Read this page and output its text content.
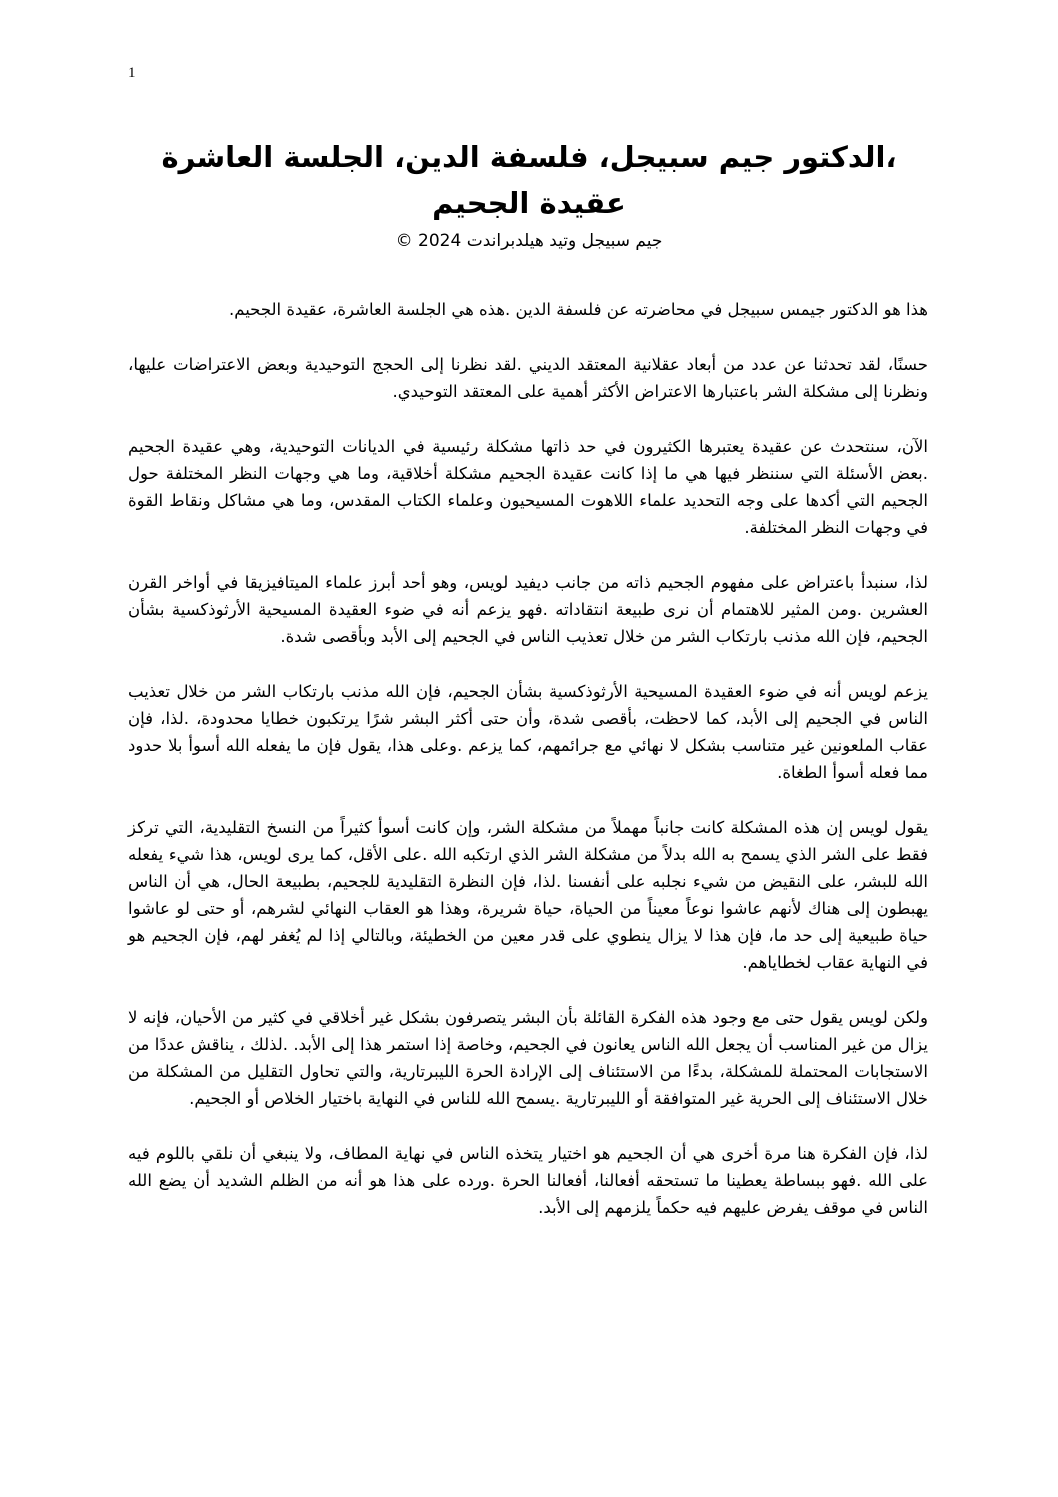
1

،الدكتور جيم سبيجل، فلسفة الدين، الجلسة العاشرة

عقيدة الجحيم

جيم سبيجل وتيد هيلدبراندت 2024 ©

هذا هو الدكتور جيمس سبيجل في محاضرته عن فلسفة الدين .هذه هي الجلسة العاشرة، عقيدة الجحيم.

حسنًا، لقد تحدثنا عن عدد من أبعاد عقلانية المعتقد الديني .لقد نظرنا إلى الحجج التوحيدية وبعض الاعتراضات عليها، ونظرنا إلى مشكلة الشر باعتبارها الاعتراض الأكثر أهمية على المعتقد التوحيدي.

الآن، سنتحدث عن عقيدة يعتبرها الكثيرون في حد ذاتها مشكلة رئيسية في الديانات التوحيدية، وهي عقيدة الجحيم .بعض الأسئلة التي سننظر فيها هي ما إذا كانت عقيدة الجحيم مشكلة أخلاقية، وما هي وجهات النظر المختلفة حول الجحيم التي أكدها على وجه التحديد علماء اللاهوت المسيحيون وعلماء الكتاب المقدس، وما هي مشاكل ونقاط القوة في وجهات النظر المختلفة.

لذا، سنبدأ باعتراض على مفهوم الجحيم ذاته من جانب ديفيد لويس، وهو أحد أبرز علماء الميتافيزيقا في أواخر القرن العشرين .ومن المثير للاهتمام أن نرى طبيعة انتقاداته .فهو يزعم أنه في ضوء العقيدة المسيحية الأرثوذكسية بشأن الجحيم، فإن الله مذنب بارتكاب الشر من خلال تعذيب الناس في الجحيم إلى الأبد وبأقصى شدة.

يزعم لويس أنه في ضوء العقيدة المسيحية الأرثوذكسية بشأن الجحيم، فإن الله مذنب بارتكاب الشر من خلال تعذيب الناس في الجحيم إلى الأبد، كما لاحظت، بأقصى شدة، وأن حتى أكثر البشر شرًا يرتكبون خطايا محدودة، .لذا، فإن عقاب الملعونين غير متناسب بشكل لا نهائي مع جرائمهم، كما يزعم .وعلى هذا، يقول فإن ما يفعله الله أسوأ بلا حدود مما فعله أسوأ الطغاة.

يقول لويس إن هذه المشكلة كانت جانباً مهملاً من مشكلة الشر، وإن كانت أسوأ كثيراً من النسخ التقليدية، التي تركز فقط على الشر الذي يسمح به الله بدلاً من مشكلة الشر الذي ارتكبه الله .على الأقل، كما يرى لويس، هذا شيء يفعله الله للبشر، على النقيض من شيء نجلبه على أنفسنا .لذا، فإن النظرة التقليدية للجحيم، بطبيعة الحال، هي أن الناس يهبطون إلى هناك لأنهم عاشوا نوعاً معيناً من الحياة، حياة شريرة، وهذا هو العقاب النهائي لشرهم، أو حتى لو عاشوا حياة طبيعية إلى حد ما، فإن هذا لا يزال ينطوي على قدر معين من الخطيئة، وبالتالي إذا لم يُغفر لهم، فإن الجحيم هو في النهاية عقاب لخطاياهم.

ولكن لويس يقول حتى مع وجود هذه الفكرة القائلة بأن البشر يتصرفون بشكل غير أخلاقي في كثير من الأحيان، فإنه لا يزال من غير المناسب أن يجعل الله الناس يعانون في الجحيم، وخاصة إذا استمر هذا إلى الأبد. .لذلك ، يناقش عددًا من الاستجابات المحتملة للمشكلة، بدءًا من الاستئناف إلى الإرادة الحرة الليبرتارية، والتي تحاول التقليل من المشكلة من خلال الاستئناف إلى الحرية غير المتوافقة أو الليبرتارية .يسمح الله للناس في النهاية باختيار الخلاص أو الجحيم.

لذا، فإن الفكرة هنا مرة أخرى هي أن الجحيم هو اختيار يتخذه الناس في نهاية المطاف، ولا ينبغي أن نلقي باللوم فيه على الله .فهو ببساطة يعطينا ما تستحقه أفعالنا، أفعالنا الحرة .ورده على هذا هو أنه من الظلم الشديد أن يضع الله الناس في موقف يفرض عليهم فيه حكماً يلزمهم إلى الأبد.
